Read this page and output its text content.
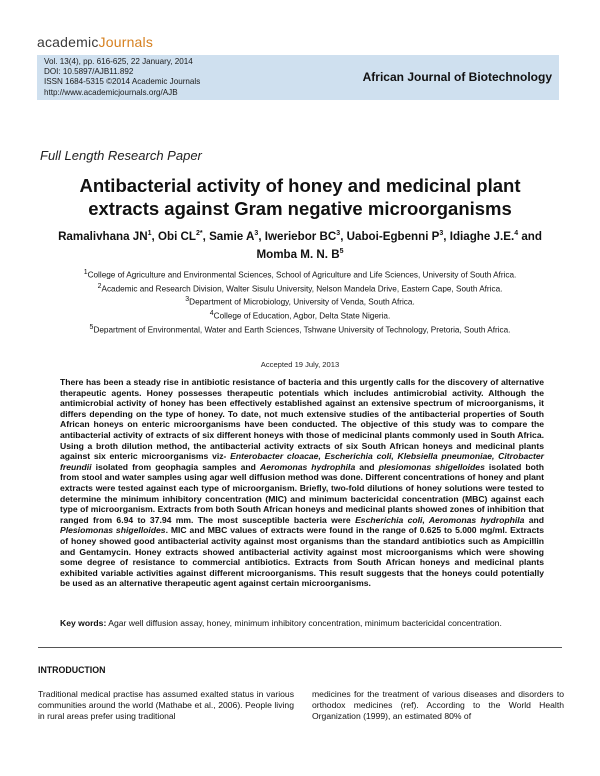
academicJournals
Vol. 13(4), pp. 616-625, 22 January, 2014
DOI: 10.5897/AJB11.892
ISSN 1684-5315 ©2014 Academic Journals
http://www.academicjournals.org/AJB
African Journal of Biotechnology
Full Length Research Paper
Antibacterial activity of honey and medicinal plant
extracts against Gram negative microorganisms
Ramalivhana $JN^1$, Obi $CL^{2*}$, Samie $A^3$, Iweriebor $BC^3$, Uaboi-Egbenni $P^3$, Idiaghe J.E.$^4$ and
Momba M. N. $B^5$
$^1$College of Agriculture and Environmental Sciences, School of Agriculture and Life Sciences, University of South Africa.
$^2$Academic and Research Division, Walter Sisulu University, Nelson Mandela Drive, Eastern Cape, South Africa.
$^3$Department of Microbiology, University of Venda, South Africa.
$^4$College of Education, Agbor, Delta State Nigeria.
$^5$Department of Environmental, Water and Earth Sciences, Tshwane University of Technology, Pretoria, South Africa.
Accepted 19 July, 2013
There has been a steady rise in antibiotic resistance of bacteria and this urgently calls for the discovery of alternative therapeutic agents. Honey possesses therapeutic potentials which includes antimicrobial activity. Although the antimicrobial activity of honey has been effectively established against an extensive spectrum of microorganisms, it differs depending on the type of honey. To date, not much extensive studies of the antibacterial properties of South African honeys on enteric microorganisms have been conducted. The objective of this study was to compare the antibacterial activity of extracts of six different honeys with those of medicinal plants commonly used in South Africa. Using a broth dilution method, the antibacterial activity extracts of six South African honeys and medicinal plants against six enteric microorganisms viz- Enterobacter cloacae, Escherichia coli, Klebsiella pneumoniae, Citrobacter freundii isolated from geophagia samples and Aeromonas hydrophila and plesiomonas shigelloides isolated both from stool and water samples using agar well diffusion method was done. Different concentrations of honey and plant extracts were tested against each type of microorganism. Briefly, two-fold dilutions of honey solutions were tested to determine the minimum inhibitory concentration (MIC) and minimum bactericidal concentration (MBC) against each type of microorganism. Extracts from both South African honeys and medicinal plants showed zones of inhibition that ranged from 6.94 to 37.94 mm. The most susceptible bacteria were Escherichia coli, Aeromonas hydrophila and Plesiomonas shigelloides. MIC and MBC values of extracts were found in the range of 0.625 to 5.000 mg/ml. Extracts of honey showed good antibacterial activity against most organisms than the standard antibiotics such as Ampicillin and Gentamycin. Honey extracts showed antibacterial activity against most microorganisms which were showing some degree of resistance to commercial antibiotics. Extracts from South African honeys and medicinal plants exhibited variable activities against different microorganisms. This result suggests that the honeys could potentially be used as an alternative therapeutic agent against certain microorganisms.
Key words: Agar well diffusion assay, honey, minimum inhibitory concentration, minimum bactericidal concentration.
INTRODUCTION
Traditional medical practise has assumed exalted status in various communities around the world (Mathabe et al., 2006). People living in rural areas prefer using traditional
medicines for the treatment of various diseases and disorders to orthodox medicines (ref). According to the World Health Organization (1999), an estimated 80% of
